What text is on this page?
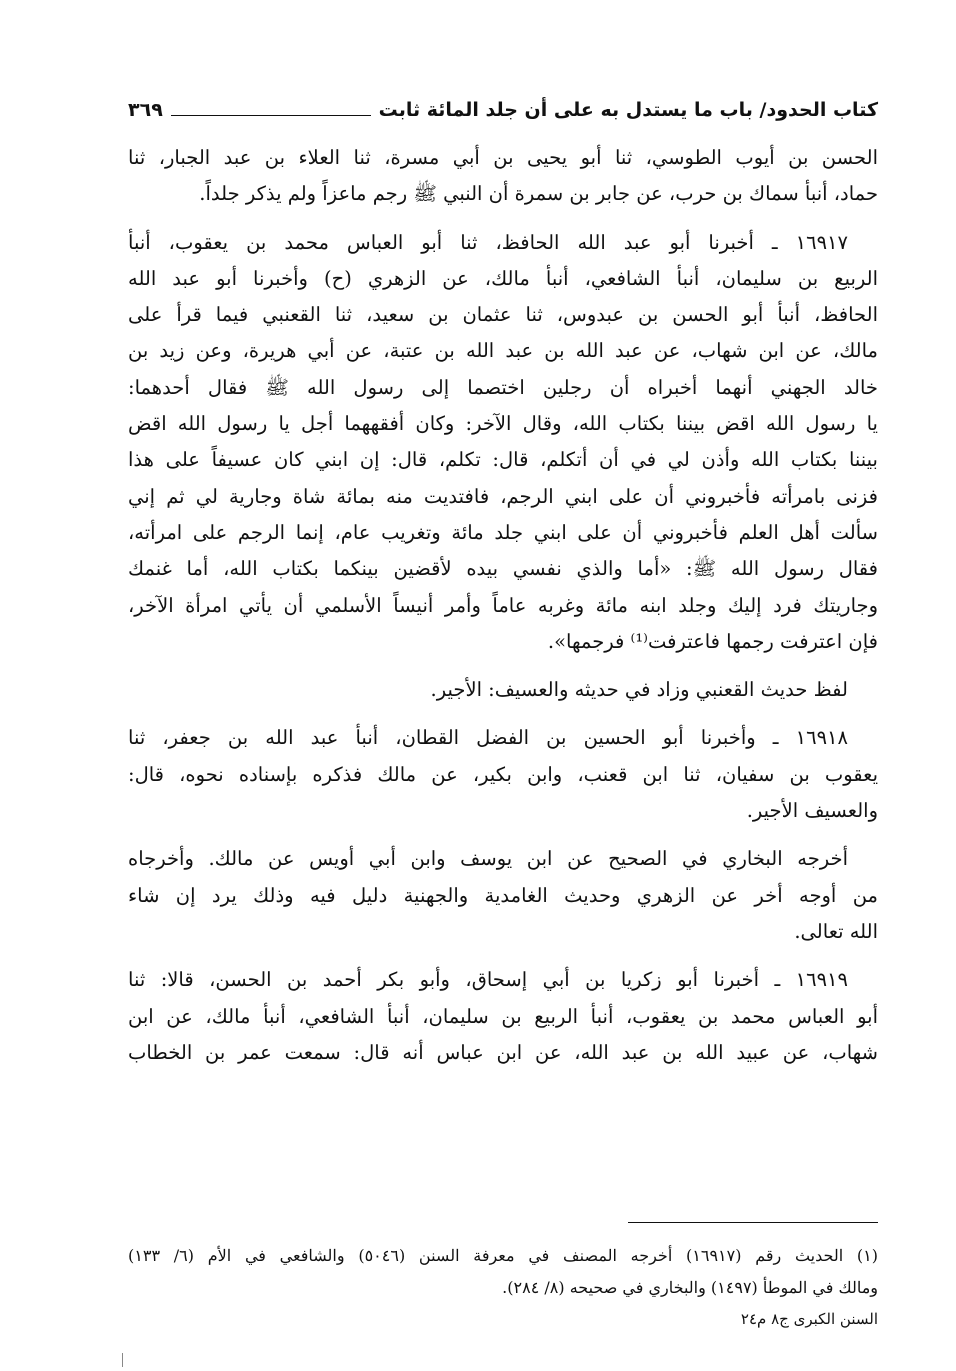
كتاب الحدود/ باب ما يستدل به على أن جلد المائة ثابت
٣٦٩
الحسن بن أيوب الطوسي، ثنا أبو يحيى بن أبي مسرة، ثنا العلاء بن عبد الجبار، ثنا
حماد، أنبأ سماك بن حرب، عن جابر بن سمرة أن النبي ﷺ رجم ماعزاً ولم يذكر جلداً.
١٦٩١٧ ـ أخبرنا أبو عبد الله الحافظ، ثنا أبو العباس محمد بن يعقوب، أنبأ
الربيع بن سليمان، أنبأ الشافعي، أنبأ مالك، عن الزهري (ح) وأخبرنا أبو عبد الله
الحافظ، أنبأ أبو الحسن بن عبدوس، ثنا عثمان بن سعيد، ثنا القعنبي فيما قرأ على
مالك، عن ابن شهاب، عن عبد الله بن عبد الله بن عتبة، عن أبي هريرة، وعن زيد بن
خالد الجهني أنهما أخبراه أن رجلين اختصما إلى رسول الله ﷺ فقال أحدهما:
يا رسول الله اقض بيننا بكتاب الله، وقال الآخر: وكان أفقههما أجل يا رسول الله اقض
بيننا بكتاب الله وأذن لي في أن أتكلم، قال: تكلم، قال: إن ابني كان عسيفاً على هذا
فزنى بامرأته فأخبروني أن على ابني الرجم، فافتديت منه بمائة شاة وجارية لي ثم إني
سألت أهل العلم فأخبروني أن على ابني جلد مائة وتغريب عام، إنما الرجم على امرأته،
فقال رسول الله ﷺ: «أما والذي نفسي بيده لأقضين بينكما بكتاب الله، أما غنمك
وجاريتك فرد إليك وجلد ابنه مائة وغربه عاماً وأمر أنيساً الأسلمي أن يأتي امرأة الآخر،
فإن اعترفت رجمها فاعترفت⁽¹⁾ فرجمها».
لفظ حديث القعنبي وزاد في حديثه والعسيف: الأجير.
١٦٩١٨ ـ وأخبرنا أبو الحسين بن الفضل القطان، أنبأ عبد الله بن جعفر، ثنا
يعقوب بن سفيان، ثنا ابن قعنب، وابن بكير، عن مالك فذكره بإسناده نحوه، قال:
والعسيف الأجير.
أخرجه البخاري في الصحيح عن ابن يوسف وابن أبي أويس عن مالك. وأخرجاه
من أوجه أخر عن الزهري وحديث الغامدية والجهنية دليل فيه وذلك يرد إن شاء
الله تعالى.
١٦٩١٩ ـ أخبرنا أبو زكريا بن أبي إسحاق، وأبو بكر أحمد بن الحسن، قالا: ثنا
أبو العباس محمد بن يعقوب، أنبأ الربيع بن سليمان، أنبأ الشافعي، أنبأ مالك، عن ابن
شهاب، عن عبيد الله بن عبد الله، عن ابن عباس أنه قال: سمعت عمر بن الخطاب
(١) الحديث رقم (١٦٩١٧) أخرجه المصنف في معرفة السنن (٥٠٤٦) والشافعي في الأم (٦/ ١٣٣)
ومالك في الموطأ (١٤٩٧) والبخاري في صحيحه (٨/ ٢٨٤).
السنن الكبرى ج٨ م٢٤
